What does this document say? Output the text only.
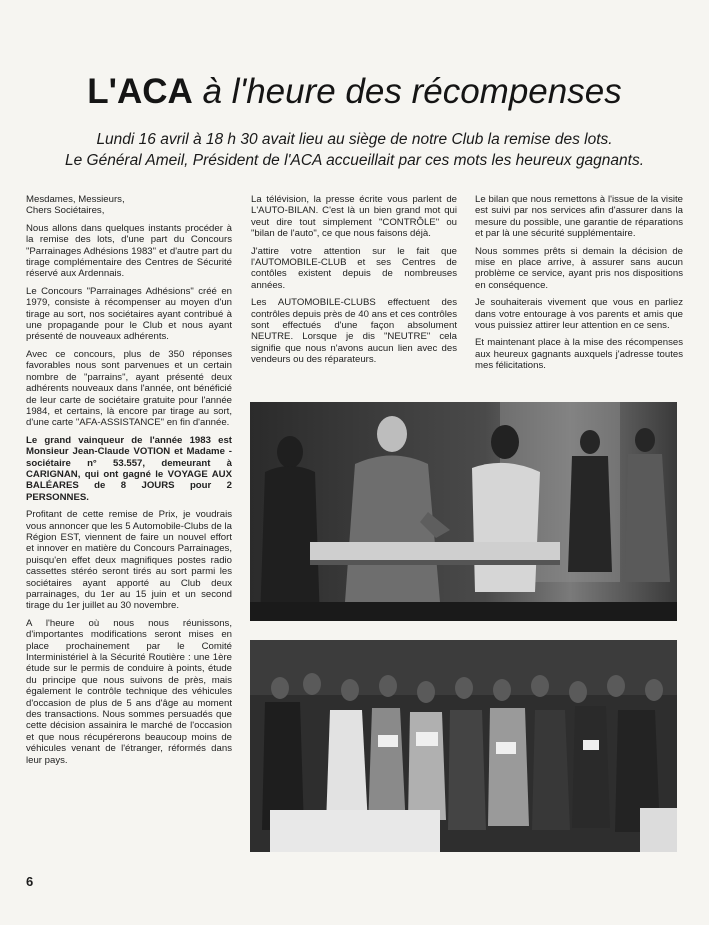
L'ACA à l'heure des récompenses
Lundi 16 avril à 18 h 30 avait lieu au siège de notre Club la remise des lots.
Le Général Ameil, Président de l'ACA accueillait par ces mots les heureux gagnants.

Mesdames, Messieurs,
Chers Sociétaires,

Nous allons dans quelques instants procéder à la remise des lots, d'une part du Concours "Parrainages Adhésions 1983" et d'autre part du tirage complémentaire des Centres de Sécurité réservé aux Ardennais.

Le Concours "Parrainages Adhésions" créé en 1979, consiste à récompenser au moyen d'un tirage au sort, nos sociétaires ayant contribué à une propagande pour le Club et nous ayant présenté de nouveaux adhérents.

Avec ce concours, plus de 350 réponses favorables nous sont parvenues et un certain nombre de "parrains", ayant présenté deux adhérents nouveaux dans l'année, ont bénéficié de leur carte de sociétaire gratuite pour l'année 1984, et certains, là encore par tirage au sort, d'une carte "AFA-ASSISTANCE" en fin d'année.

Le grand vainqueur de l'année 1983 est Monsieur Jean-Claude VOTION et Madame - sociétaire n° 53.557, demeurant à CARIGNAN, qui ont gagné le VOYAGE AUX BALÉARES de 8 JOURS pour 2 PERSONNES.

Profitant de cette remise de Prix, je voudrais vous annoncer que les 5 Automobile-Clubs de la Région EST, viennent de faire un nouvel effort et innover en matière du Concours Parrainages, puisqu'en effet deux magnifiques postes radio cassettes stéréo seront tirés au sort parmi les sociétaires ayant apporté au Club deux parrainages, du 1er au 15 juin et un second tirage du 1er juillet au 30 novembre.

A l'heure où nous nous réunissons, d'importantes modifications seront mises en place prochainement par le Comité Interministériel à la Sécurité Routière : une 1ère étude sur le permis de conduire à points, étude du principe que nous suivons de près, mais également le contrôle technique des véhicules d'occasion de plus de 5 ans d'âge au moment des transactions. Nous sommes persuadés que cette décision assainira le marché de l'occasion et que nous récupérerons beaucoup moins de véhicules venant de l'étranger, réformés dans leur pays.

La télévision, la presse écrite vous parlent de L'AUTO-BILAN. C'est là un bien grand mot qui veut dire tout simplement "CONTRÔLE" ou "bilan de l'auto", ce que nous faisons déjà.

J'attire votre attention sur le fait que l'AUTOMOBILE-CLUB et ses Centres de contôles existent depuis de nombreuses années.

Les AUTOMOBILE-CLUBS effectuent des contrôles depuis près de 40 ans et ces contrôles sont effectués d'une façon absolument NEUTRE. Lorsque je dis "NEUTRE" cela signifie que nous n'avons aucun lien avec des vendeurs ou des réparateurs.

Le bilan que nous remettons à l'issue de la visite est suivi par nos services afin d'assurer dans la mesure du possible, une garantie de réparations et par là une sécurité supplémentaire.

Nous sommes prêts si demain la décision de mise en place arrive, à assurer sans aucun problème ce service, ayant pris nos dispositions en conséquence.

Je souhaiterais vivement que vous en parliez dans votre entourage à vos parents et amis que vous puissiez attirer leur attention en ce sens.

Et maintenant place à la mise des récompenses aux heureux gagnants auxquels j'adresse toutes mes félicitations.

6
